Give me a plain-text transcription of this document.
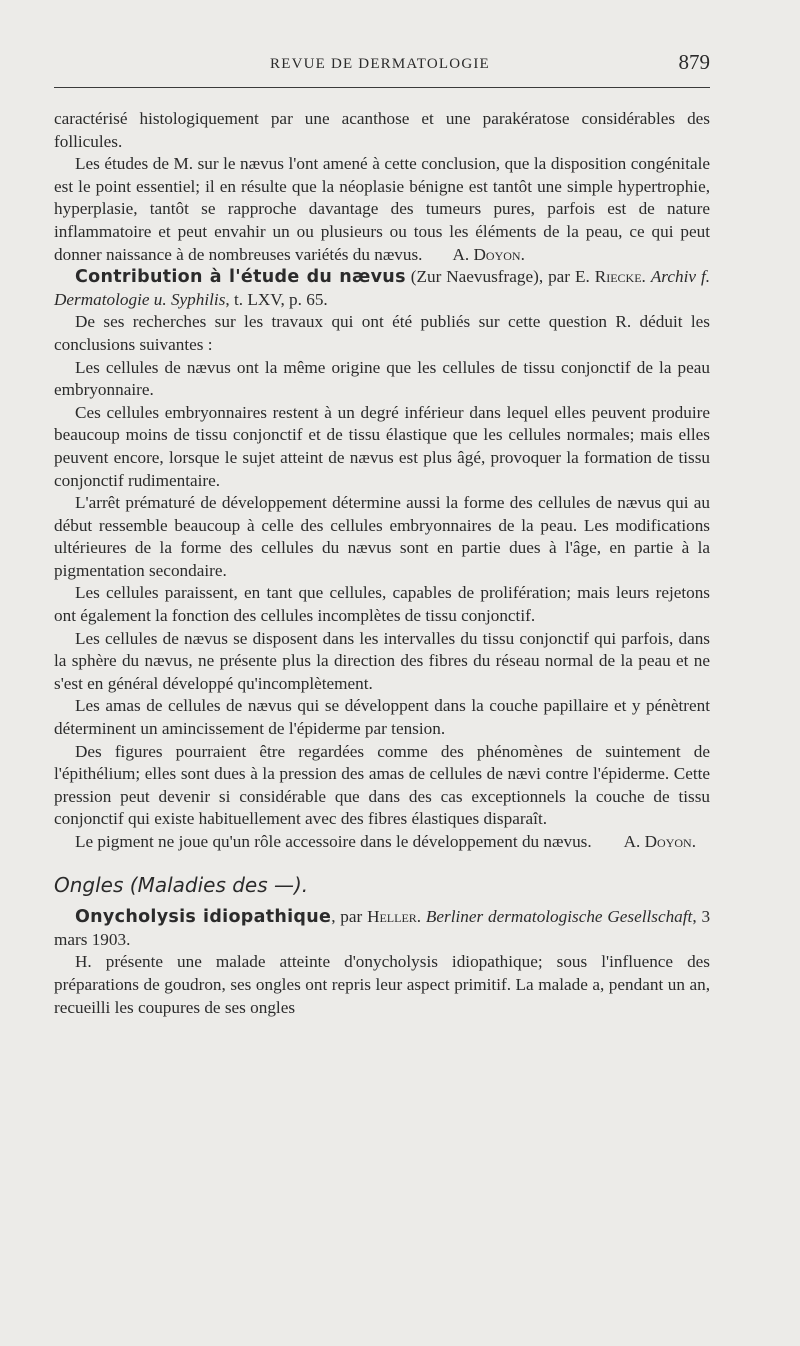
REVUE DE DERMATOLOGIE	879

caractérisé histologiquement par une acanthose et une parakératose considérables des follicules.

Les études de M. sur le nævus l'ont amené à cette conclusion, que la disposition congénitale est le point essentiel; il en résulte que la néoplasie bénigne est tantôt une simple hypertrophie, hyperplasie, tantôt se rapproche davantage des tumeurs pures, parfois est de nature inflammatoire et peut envahir un ou plusieurs ou tous les éléments de la peau, ce qui peut donner naissance à de nombreuses variétés du nævus. A. Doyon.

Contribution à l'étude du nævus (Zur Naevusfrage), par E. Riecke. Archiv f. Dermatologie u. Syphilis, t. LXV, p. 65.

De ses recherches sur les travaux qui ont été publiés sur cette question R. déduit les conclusions suivantes :

Les cellules de nævus ont la même origine que les cellules de tissu conjonctif de la peau embryonnaire.

Ces cellules embryonnaires restent à un degré inférieur dans lequel elles peuvent produire beaucoup moins de tissu conjonctif et de tissu élastique que les cellules normales; mais elles peuvent encore, lorsque le sujet atteint de nævus est plus âgé, provoquer la formation de tissu conjonctif rudimentaire.

L'arrêt prématuré de développement détermine aussi la forme des cellules de nævus qui au début ressemble beaucoup à celle des cellules embryonnaires de la peau. Les modifications ultérieures de la forme des cellules du nævus sont en partie dues à l'âge, en partie à la pigmentation secondaire.

Les cellules paraissent, en tant que cellules, capables de prolifération; mais leurs rejetons ont également la fonction des cellules incomplètes de tissu conjonctif.

Les cellules de nævus se disposent dans les intervalles du tissu conjonctif qui parfois, dans la sphère du nævus, ne présente plus la direction des fibres du réseau normal de la peau et ne s'est en général développé qu'incomplètement.

Les amas de cellules de nævus qui se développent dans la couche papillaire et y pénètrent déterminent un amincissement de l'épiderme par tension.

Des figures pourraient être regardées comme des phénomènes de suintement de l'épithélium; elles sont dues à la pression des amas de cellules de nævi contre l'épiderme. Cette pression peut devenir si considérable que dans des cas exceptionnels la couche de tissu conjonctif qui existe habituellement avec des fibres élastiques disparaît.

Le pigment ne joue qu'un rôle accessoire dans le développement du nævus.	A. Doyon.

Ongles (Maladies des —).

Onycholysis idiopathique, par Heller. Berliner dermatologische Gesellschaft, 3 mars 1903.

H. présente une malade atteinte d'onycholysis idiopathique; sous l'influence des préparations de goudron, ses ongles ont repris leur aspect primitif. La malade a, pendant un an, recueilli les coupures de ses ongles
